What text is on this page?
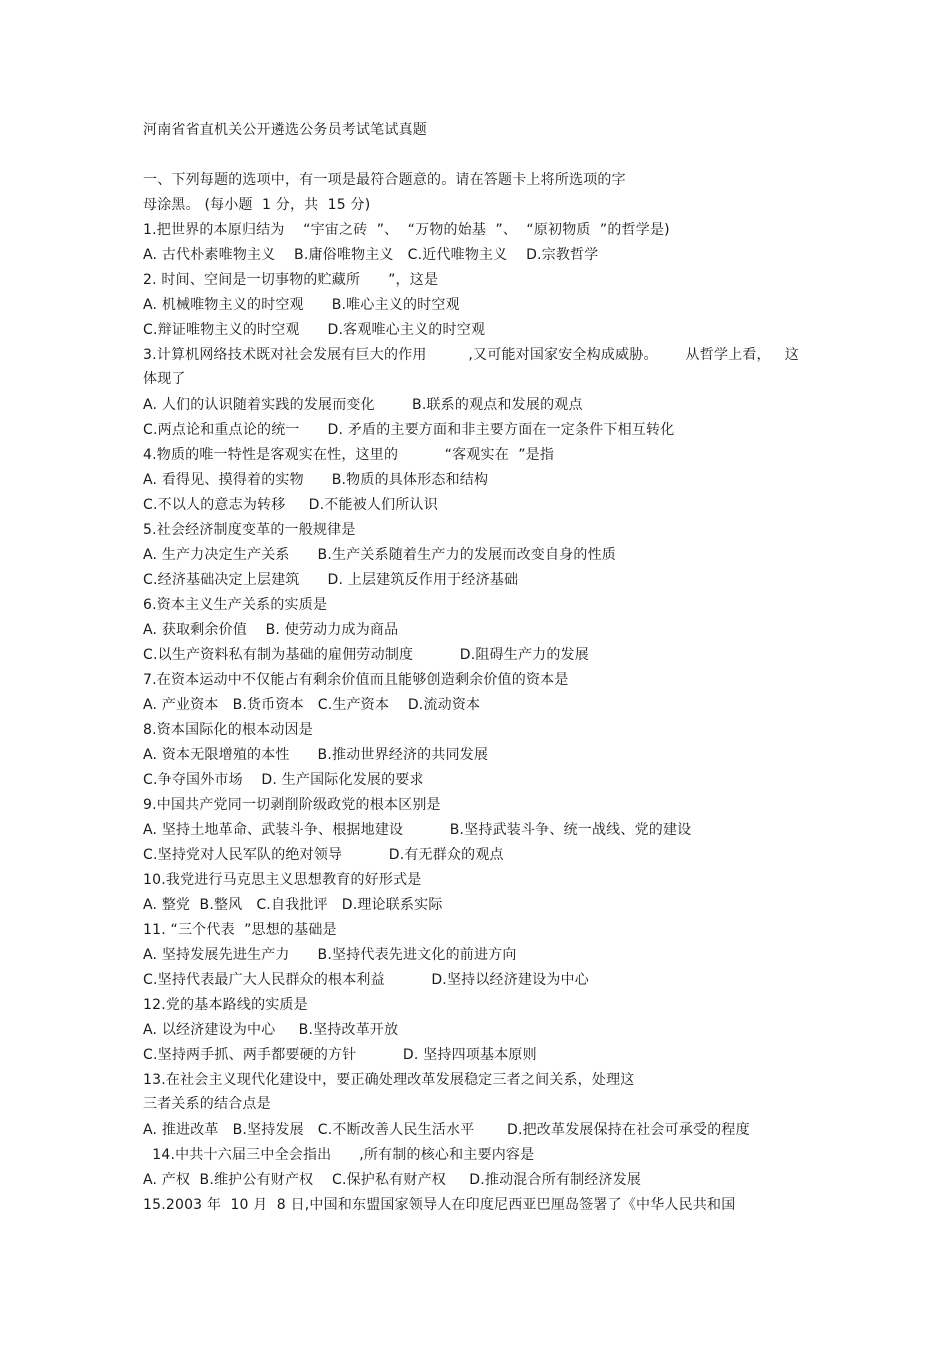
河南省省直机关公开遴选公务员考试笔试真题
一、下列每题的选项中，有一项是最符合题意的。请在答题卡上将所选项的字
母涂黑。 (每小题  1 分，共  15 分)
1.把世界的本原归结为    “宇宙之砖  ”、  “万物的始基  ”、  “原初物质  ”的哲学是)
A. 古代朴素唯物主义    B.庸俗唯物主义   C.近代唯物主义    D.宗教哲学
2. 时间、空间是一切事物的贮藏所      ”，这是
A. 机械唯物主义的时空观      B.唯心主义的时空观
C.辩证唯物主义的时空观      D.客观唯心主义的时空观
3.计算机网络技术既对社会发展有巨大的作用         ,又可能对国家安全构成威胁。      从哲学上看，   这
体现了
A. 人们的认识随着实践的发展而变化        B.联系的观点和发展的观点
C.两点论和重点论的统一      D. 矛盾的主要方面和非主要方面在一定条件下相互转化
4.物质的唯一特性是客观实在性，这里的          “客观实在  ”是指
A. 看得见、摸得着的实物      B.物质的具体形态和结构
C.不以人的意志为转移     D.不能被人们所认识
5.社会经济制度变革的一般规律是
A. 生产力决定生产关系      B.生产关系随着生产力的发展而改变自身的性质
C.经济基础决定上层建筑      D. 上层建筑反作用于经济基础
6.资本主义生产关系的实质是
A. 获取剩余价值    B. 使劳动力成为商品
C.以生产资料私有制为基础的雇佣劳动制度          D.阻碍生产力的发展
7.在资本运动中不仅能占有剩余价值而且能够创造剩余价值的资本是
A. 产业资本   B.货币资本   C.生产资本    D.流动资本
8.资本国际化的根本动因是
A. 资本无限增殖的本性      B.推动世界经济的共同发展
C.争夺国外市场    D. 生产国际化发展的要求
9.中国共产党同一切剥削阶级政党的根本区别是
A. 坚持土地革命、武装斗争、根据地建设          B.坚持武装斗争、统一战线、党的建设
C.坚持党对人民军队的绝对领导          D.有无群众的观点
10.我党进行马克思主义思想教育的好形式是
A. 整党  B.整风   C.自我批评   D.理论联系实际
11. “三个代表  ”思想的基础是
A. 坚持发展先进生产力      B.坚持代表先进文化的前进方向
C.坚持代表最广大人民群众的根本利益          D.坚持以经济建设为中心
12.党的基本路线的实质是
A. 以经济建设为中心     B.坚持改革开放
C.坚持两手抓、两手都要硬的方针          D. 坚持四项基本原则
13.在社会主义现代化建设中，要正确处理改革发展稳定三者之间关系，处理这
三者关系的结合点是
A. 推进改革   B.坚持发展   C.不断改善人民生活水平       D.把改革发展保持在社会可承受的程度
14.中共十六届三中全会指出      ,所有制的核心和主要内容是
A. 产权  B.维护公有财产权    C.保护私有财产权     D.推动混合所有制经济发展
15.2003 年  10 月  8 日,中国和东盟国家领导人在印度尼西亚巴厘岛签署了《中华人民共和国
